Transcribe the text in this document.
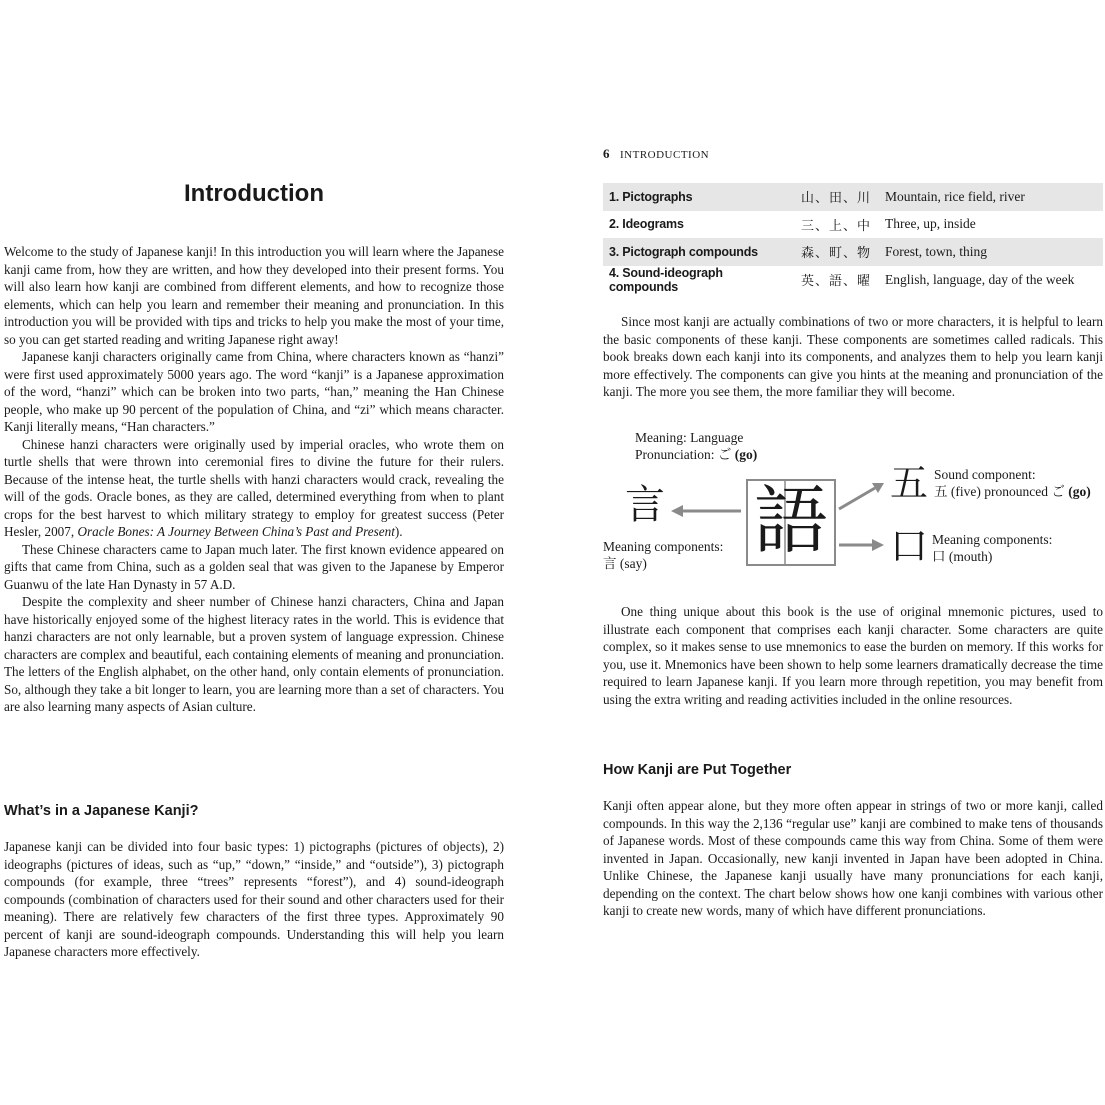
Introduction

Welcome to the study of Japanese kanji! In this introduction you will learn where the Japanese kanji came from, how they are written, and how they developed into their present forms. You will also learn how kanji are combined from different elements, and how to recognize those elements, which can help you learn and remember their meaning and pronunciation. In this introduction you will be provided with tips and tricks to help you make the most of your time, so you can get started reading and writing Japanese right away!

Japanese kanji characters originally came from China, where characters known as “hanzi” were first used approximately 5000 years ago. The word “kanji” is a Japanese approximation of the word, “hanzi” which can be broken into two parts, “han,” meaning the Han Chinese people, who make up 90 percent of the population of China, and “zi” which means character. Kanji literally means, “Han characters.”

Chinese hanzi characters were originally used by imperial oracles, who wrote them on turtle shells that were thrown into ceremonial fires to divine the future for their rulers. Because of the intense heat, the turtle shells with hanzi characters would crack, revealing the will of the gods. Oracle bones, as they are called, determined everything from when to plant crops for the best harvest to which military strategy to employ for greatest success (Peter Hesler, 2007, Oracle Bones: A Journey Between China’s Past and Present).

These Chinese characters came to Japan much later. The first known evidence appeared on gifts that came from China, such as a golden seal that was given to the Japanese by Emperor Guanwu of the late Han Dynasty in 57 A.D.

Despite the complexity and sheer number of Chinese hanzi characters, China and Japan have historically enjoyed some of the highest literacy rates in the world. This is evidence that hanzi characters are not only learnable, but a proven system of language expression. Chinese characters are complex and beautiful, each containing elements of meaning and pronunciation. The letters of the English alphabet, on the other hand, only contain elements of pronunciation. So, although they take a bit longer to learn, you are learning more than a set of characters. You are also learning many aspects of Asian culture.

What’s in a Japanese Kanji?

Japanese kanji can be divided into four basic types: 1) pictographs (pictures of objects), 2) ideographs (pictures of ideas, such as “up,” “down,” “inside,” and “outside”), 3) pictograph compounds (for example, three “trees” represents “forest”), and 4) sound-ideograph compounds (combination of characters used for their sound and other characters used for their meaning). There are relatively few characters of the first three types. Approximately 90 percent of kanji are sound-ideograph compounds. Understanding this will help you learn Japanese characters more effectively.

6 INTRODUCTION
1. Pictographs	山、田、川	Mountain, rice field, river
2. Ideograms	三、上、中	Three, up, inside
3. Pictograph compounds	森、町、物	Forest, town, thing
4. Sound-ideograph compounds	英、語、曜	English, language, day of the week

Since most kanji are actually combinations of two or more characters, it is helpful to learn the basic components of these kanji. These components are sometimes called radicals. This book breaks down each kanji into its components, and analyzes them to help you learn kanji more effectively. The components can give you hints at the meaning and pronunciation of the kanji. The more you see them, the more familiar they will become.

Meaning: Language
Pronunciation: ご (go)
言 語
Meaning components:
言 (say)
五 Sound component:
五 (five) pronounced ご (go)
口 Meaning components:
口 (mouth)

One thing unique about this book is the use of original mnemonic pictures, used to illustrate each component that comprises each kanji character. Some characters are quite complex, so it makes sense to use mnemonics to ease the burden on memory. If this works for you, use it. Mnemonics have been shown to help some learners dramatically decrease the time required to learn Japanese kanji. If you learn more through repetition, you may benefit from using the extra writing and reading activities included in the online resources.

How Kanji are Put Together

Kanji often appear alone, but they more often appear in strings of two or more kanji, called compounds. In this way the 2,136 “regular use” kanji are combined to make tens of thousands of Japanese words. Most of these compounds came this way from China. Some of them were invented in Japan. Occasionally, new kanji invented in Japan have been adopted in China. Unlike Chinese, the Japanese kanji usually have many pronunciations for each kanji, depending on the context. The chart below shows how one kanji combines with various other kanji to create new words, many of which have different pronunciations.
